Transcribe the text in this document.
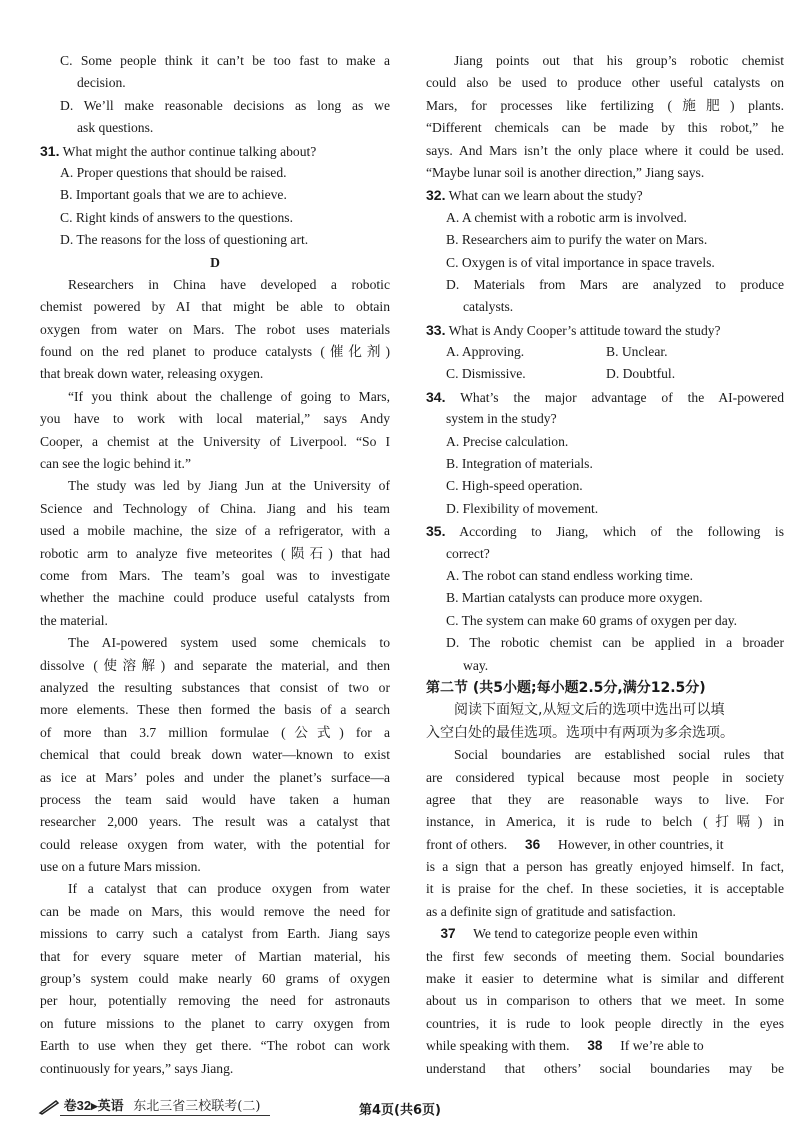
C. Some people think it can’t be too fast to make a
decision.
D. We’ll make reasonable decisions as long as we
ask questions.
31. What might the author continue talking about?
A. Proper questions that should be raised.
B. Important goals that we are to achieve.
C. Right kinds of answers to the questions.
D. The reasons for the loss of questioning art.
D
Researchers in China have developed a robotic
chemist powered by AI that might be able to obtain
oxygen from water on Mars. The robot uses materials
found on the red planet to produce catalysts (催化剂)
that break down water, releasing oxygen.
“If you think about the challenge of going to Mars,
you have to work with local material,” says Andy
Cooper, a chemist at the University of Liverpool. “So I
can see the logic behind it.”
The study was led by Jiang Jun at the University of
Science and Technology of China. Jiang and his team
used a mobile machine, the size of a refrigerator, with a
robotic arm to analyze five meteorites (陨石) that had
come from Mars. The team’s goal was to investigate
whether the machine could produce useful catalysts from
the material.
The AI-powered system used some chemicals to
dissolve (使溶解) and separate the material, and then
analyzed the resulting substances that consist of two or
more elements. These then formed the basis of a search
of more than 3.7 million formulae (公式) for a
chemical that could break down water—known to exist
as ice at Mars’ poles and under the planet’s surface—a
process the team said would have taken a human
researcher 2,000 years. The result was a catalyst that
could release oxygen from water, with the potential for
use on a future Mars mission.
If a catalyst that can produce oxygen from water
can be made on Mars, this would remove the need for
missions to carry such a catalyst from Earth. Jiang says
that for every square meter of Martian material, his
group’s system could make nearly 60 grams of oxygen
per hour, potentially removing the need for astronauts
on future missions to the planet to carry oxygen from
Earth to use when they get there. “The robot can work
continuously for years,” says Jiang.
Jiang points out that his group’s robotic chemist
could also be used to produce other useful catalysts on
Mars, for processes like fertilizing (施肥) plants.
“Different chemicals can be made by this robot,” he
says. And Mars isn’t the only place where it could be used.
“Maybe lunar soil is another direction,” Jiang says.
32. What can we learn about the study?
A. A chemist with a robotic arm is involved.
B. Researchers aim to purify the water on Mars.
C. Oxygen is of vital importance in space travels.
D. Materials from Mars are analyzed to produce
catalysts.
33. What is Andy Cooper’s attitude toward the study?
A. Approving.	B. Unclear.
C. Dismissive.	D. Doubtful.
34. What’s the major advantage of the AI-powered
system in the study?
A. Precise calculation.
B. Integration of materials.
C. High-speed operation.
D. Flexibility of movement.
35. According to Jiang, which of the following is
correct?
A. The robot can stand endless working time.
B. Martian catalysts can produce more oxygen.
C. The system can make 60 grams of oxygen per day.
D. The robotic chemist can be applied in a broader
way.
第二节 (共5小题;每小题2.5分,满分12.5分)
阅读下面短文,从短文后的选项中选出可以填
入空白处的最佳选项。选项中有两项为多余选项。
Social boundaries are established social rules that
are considered typical because most people in society
agree that they are reasonable ways to live. For
instance, in America, it is rude to belch (打嗝) in
front of others. 36 However, in other countries, it
is a sign that a person has greatly enjoyed himself. In fact,
it is praise for the chef. In these societies, it is acceptable
as a definite sign of gratitude and satisfaction.
37 We tend to categorize people even within
the first few seconds of meeting them. Social boundaries
make it easier to determine what is similar and different
about us in comparison to others that we meet. In some
countries, it is rude to look people directly in the eyes
while speaking with them. 38 If we’re able to
understand that others’ social boundaries may be
卷32▸英语 东北三省三校联考(二)	第4页(共6页)
